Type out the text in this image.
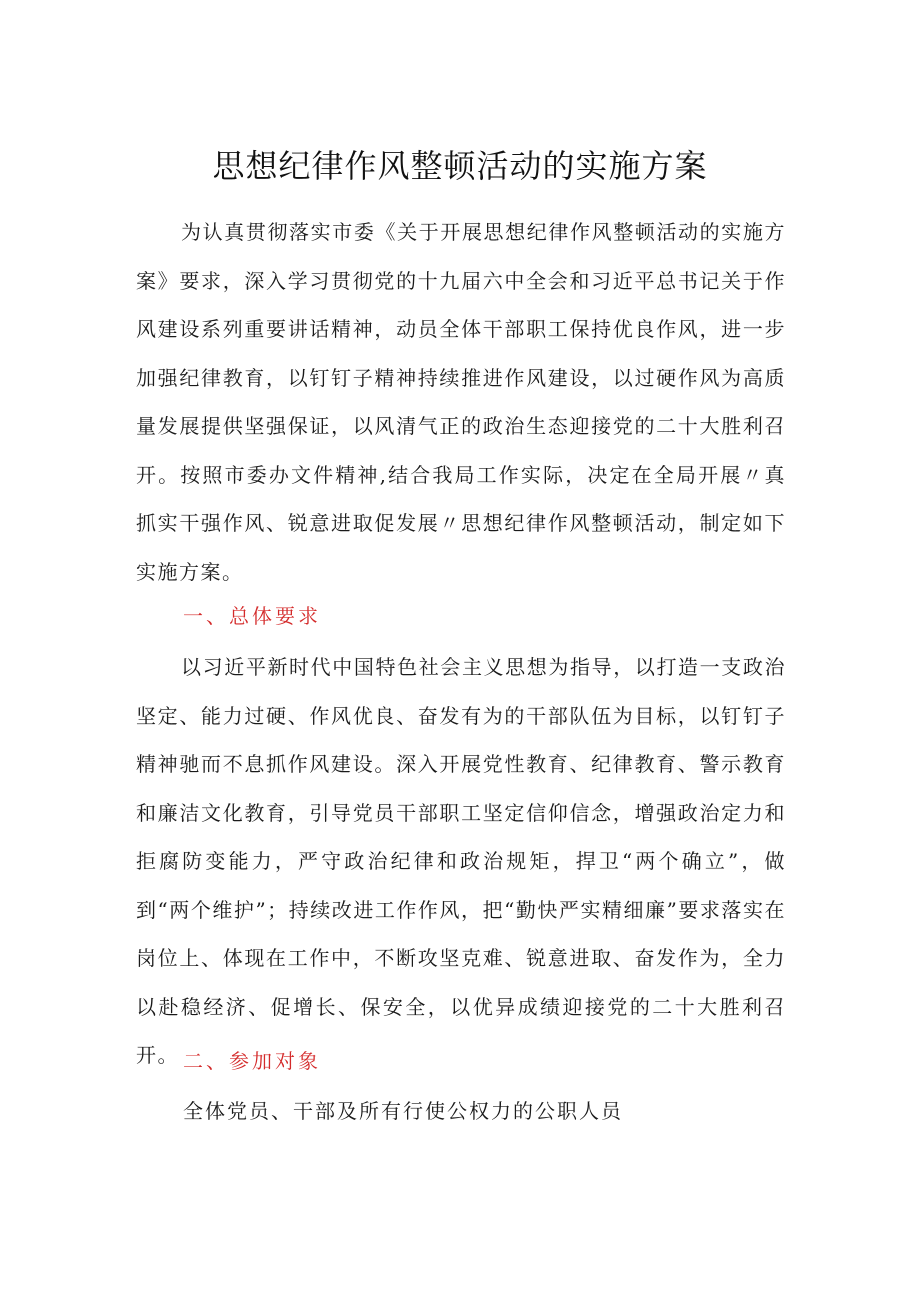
思想纪律作风整顿活动的实施方案

为认真贯彻落实市委《关于开展思想纪律作风整顿活动的实施方案》要求，深入学习贯彻党的十九届六中全会和习近平总书记关于作风建设系列重要讲话精神，动员全体干部职工保持优良作风，进一步加强纪律教育，以钉钉子精神持续推进作风建设，以过硬作风为高质量发展提供坚强保证，以风清气正的政治生态迎接党的二十大胜利召开。按照市委办文件精神,结合我局工作实际，决定在全局开展〃真抓实干强作风、锐意进取促发展〃思想纪律作风整顿活动，制定如下实施方案。

一、总体要求

以习近平新时代中国特色社会主义思想为指导，以打造一支政治坚定、能力过硬、作风优良、奋发有为的干部队伍为目标，以钉钉子精神驰而不息抓作风建设。深入开展党性教育、纪律教育、警示教育和廉洁文化教育，引导党员干部职工坚定信仰信念，增强政治定力和拒腐防变能力，严守政治纪律和政治规矩，捍卫“两个确立”，做到“两个维护”；持续改进工作作风，把“勤快严实精细廉”要求落实在岗位上、体现在工作中，不断攻坚克难、锐意进取、奋发作为，全力以赴稳经济、促增长、保安全，以优异成绩迎接党的二十大胜利召开。 二、参加对象

全体党员、干部及所有行使公权力的公职人员
